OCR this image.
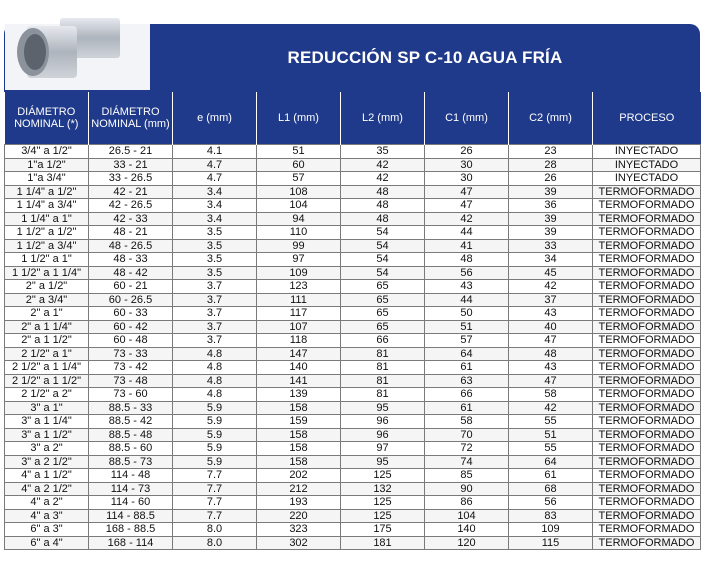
REDUCCIÓN SP C-10 AGUA FRÍA
DIÁMETRO NOMINAL (*)	DIÁMETRO NOMINAL (mm)	e (mm)	L1 (mm)	L2 (mm)	C1 (mm)	C2 (mm)	PROCESO
3/4" a 1/2"	26.5 - 21	4.1	51	35	26	23	INYECTADO
1"a 1/2"	33 - 21	4.7	60	42	30	28	INYECTADO
1"a 3/4"	33 - 26.5	4.7	57	42	30	26	INYECTADO
1 1/4" a 1/2"	42 - 21	3.4	108	48	47	39	TERMOFORMADO
1 1/4" a 3/4"	42 - 26.5	3.4	104	48	47	36	TERMOFORMADO
1 1/4" a 1"	42 - 33	3.4	94	48	42	39	TERMOFORMADO
1 1/2" a 1/2"	48 - 21	3.5	110	54	44	39	TERMOFORMADO
1 1/2" a 3/4"	48 - 26.5	3.5	99	54	41	33	TERMOFORMADO
1 1/2" a 1"	48 - 33	3.5	97	54	48	34	TERMOFORMADO
1 1/2" a 1 1/4"	48 - 42	3.5	109	54	56	45	TERMOFORMADO
2" a 1/2"	60 - 21	3.7	123	65	43	42	TERMOFORMADO
2" a 3/4"	60 - 26.5	3.7	111	65	44	37	TERMOFORMADO
2" a 1"	60 - 33	3.7	117	65	50	43	TERMOFORMADO
2" a 1 1/4"	60 - 42	3.7	107	65	51	40	TERMOFORMADO
2" a 1 1/2"	60 - 48	3.7	118	66	57	47	TERMOFORMADO
2 1/2" a 1"	73 - 33	4.8	147	81	64	48	TERMOFORMADO
2 1/2" a 1 1/4"	73 - 42	4.8	140	81	61	43	TERMOFORMADO
2 1/2" a 1 1/2"	73 - 48	4.8	141	81	63	47	TERMOFORMADO
2 1/2" a 2"	73 - 60	4.8	139	81	66	58	TERMOFORMADO
3" a 1"	88.5 - 33	5.9	158	95	61	42	TERMOFORMADO
3" a 1 1/4"	88.5 - 42	5.9	159	96	58	55	TERMOFORMADO
3" a 1 1/2"	88.5 - 48	5.9	158	96	70	51	TERMOFORMADO
3" a 2"	88.5 - 60	5.9	158	97	72	55	TERMOFORMADO
3" a 2 1/2"	88.5 - 73	5.9	158	95	74	64	TERMOFORMADO
4" a 1 1/2"	114 - 48	7.7	202	125	85	61	TERMOFORMADO
4" a 2 1/2"	114 - 73	7.7	212	132	90	68	TERMOFORMADO
4" a 2"	114 - 60	7.7	193	125	86	56	TERMOFORMADO
4" a 3"	114 - 88.5	7.7	220	125	104	83	TERMOFORMADO
6" a 3"	168 - 88.5	8.0	323	175	140	109	TERMOFORMADO
6" a 4"	168 - 114	8.0	302	181	120	115	TERMOFORMADO
